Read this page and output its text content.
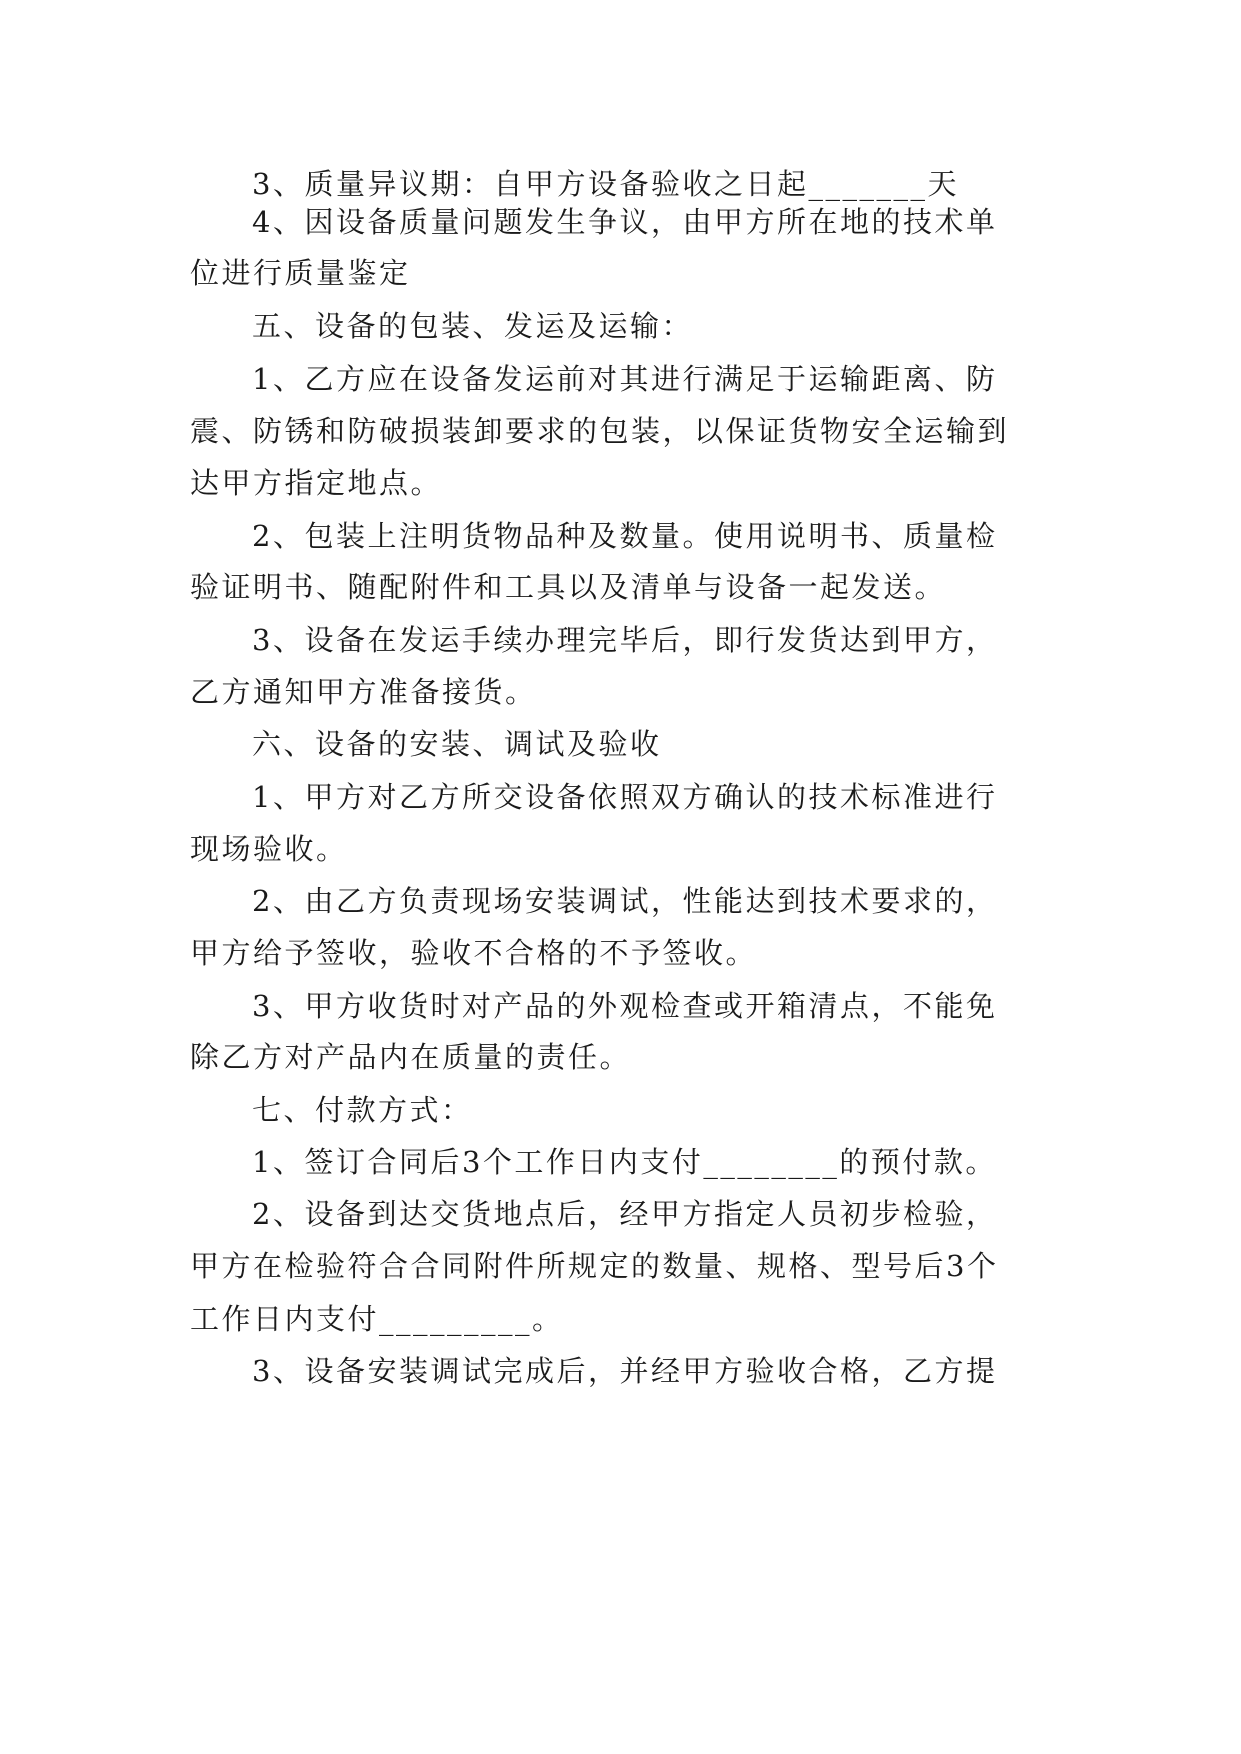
3、质量异议期：自甲方设备验收之日起_______天
4、因设备质量问题发生争议，由甲方所在地的技术单
位进行质量鉴定
五、设备的包装、发运及运输：
1、乙方应在设备发运前对其进行满足于运输距离、防
震、防锈和防破损装卸要求的包装，以保证货物安全运输到
达甲方指定地点。
2、包装上注明货物品种及数量。使用说明书、质量检
验证明书、随配附件和工具以及清单与设备一起发送。
3、设备在发运手续办理完毕后，即行发货达到甲方，
乙方通知甲方准备接货。
六、设备的安装、调试及验收
1、甲方对乙方所交设备依照双方确认的技术标准进行
现场验收。
2、由乙方负责现场安装调试，性能达到技术要求的，
甲方给予签收，验收不合格的不予签收。
3、甲方收货时对产品的外观检查或开箱清点，不能免
除乙方对产品内在质量的责任。
七、付款方式：
1、签订合同后3个工作日内支付________的预付款。
2、设备到达交货地点后，经甲方指定人员初步检验，
甲方在检验符合合同附件所规定的数量、规格、型号后3个
工作日内支付_________。
3、设备安装调试完成后，并经甲方验收合格，乙方提
